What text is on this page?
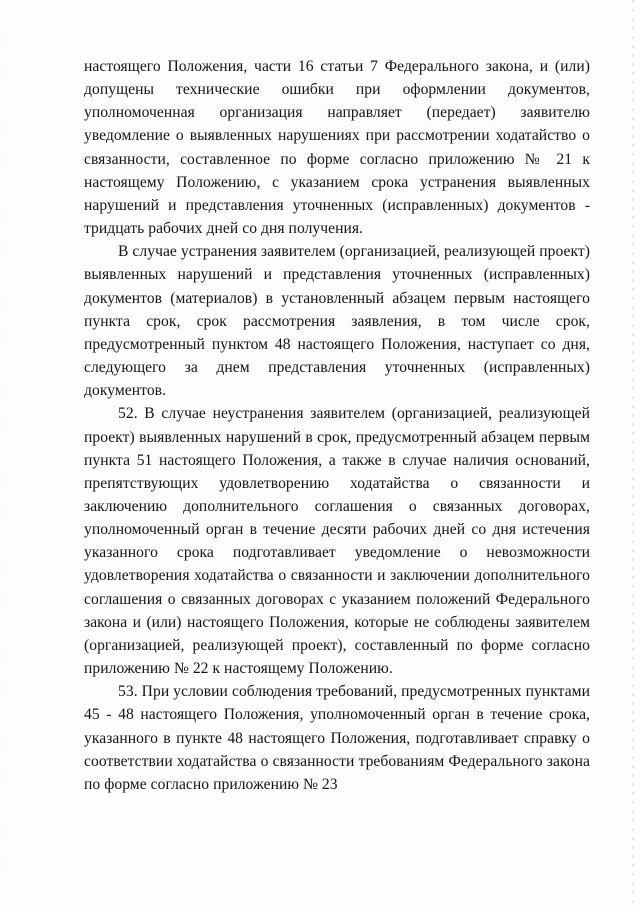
настоящего Положения, части 16 статьи 7 Федерального закона, и (или) допущены технические ошибки при оформлении документов, уполномоченная организация направляет (передает) заявителю уведомление о выявленных нарушениях при рассмотрении ходатайство о связанности, составленное по форме согласно приложению № 21 к настоящему Положению, с указанием срока устранения выявленных нарушений и представления уточненных (исправленных) документов - тридцать рабочих дней со дня получения.

В случае устранения заявителем (организацией, реализующей проект) выявленных нарушений и представления уточненных (исправленных) документов (материалов) в установленный абзацем первым настоящего пункта срок, срок рассмотрения заявления, в том числе срок, предусмотренный пунктом 48 настоящего Положения, наступает со дня, следующего за днем представления уточненных (исправленных) документов.

52. В случае неустранения заявителем (организацией, реализующей проект) выявленных нарушений в срок, предусмотренный абзацем первым пункта 51 настоящего Положения, а также в случае наличия оснований, препятствующих удовлетворению ходатайства о связанности и заключению дополнительного соглашения о связанных договорах, уполномоченный орган в течение десяти рабочих дней со дня истечения указанного срока подготавливает уведомление о невозможности удовлетворения ходатайства о связанности и заключении дополнительного соглашения о связанных договорах с указанием положений Федерального закона и (или) настоящего Положения, которые не соблюдены заявителем (организацией, реализующей проект), составленный по форме согласно приложению № 22 к настоящему Положению.

53. При условии соблюдения требований, предусмотренных пунктами 45 - 48 настоящего Положения, уполномоченный орган в течение срока, указанного в пункте 48 настоящего Положения, подготавливает справку о соответствии ходатайства о связанности требованиям Федерального закона по форме согласно приложению № 23
